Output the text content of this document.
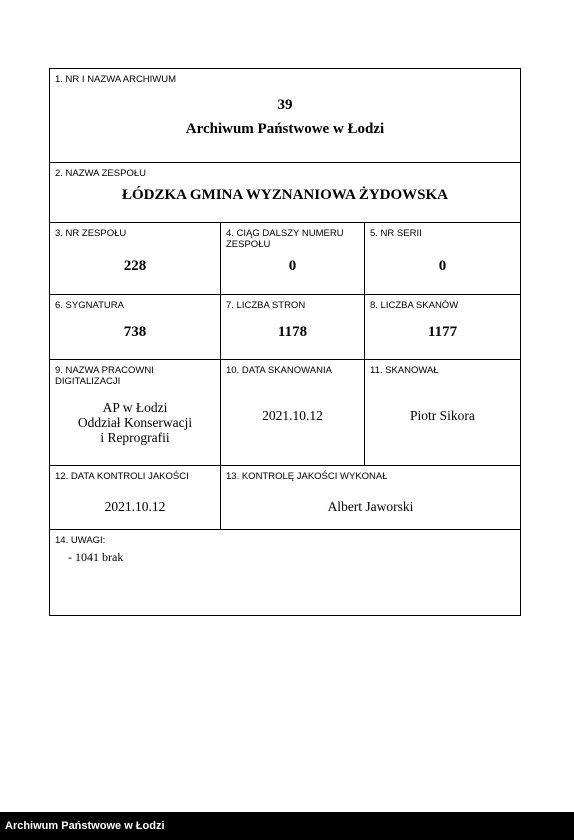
1. NR I NAZWA ARCHIWUM
39
Archiwum Państwowe w Łodzi
2. NAZWA ZESPOŁU
ŁÓDZKA GMINA WYZNANIOWA ŻYDOWSKA
3. NR ZESPOŁU
228
4. CIĄG DALSZY NUMERU
ZESPOŁU
0
5. NR SERII
0
6. SYGNATURA
738
7. LICZBA STRON
1178
8. LICZBA SKANÓW
1177
9. NAZWA PRACOWNI
DIGITALIZACJI
AP w Łodzi
Oddział Konserwacji
i Reprografii
10. DATA SKANOWANIA
2021.10.12
11. SKANOWAŁ
Piotr Sikora
12. DATA KONTROLI JAKOŚCI
2021.10.12
13. KONTROLĘ JAKOŚCI WYKONAŁ
Albert Jaworski
14. UWAGI:
- 1041 brak
Archiwum Państwowe w Łodzi
